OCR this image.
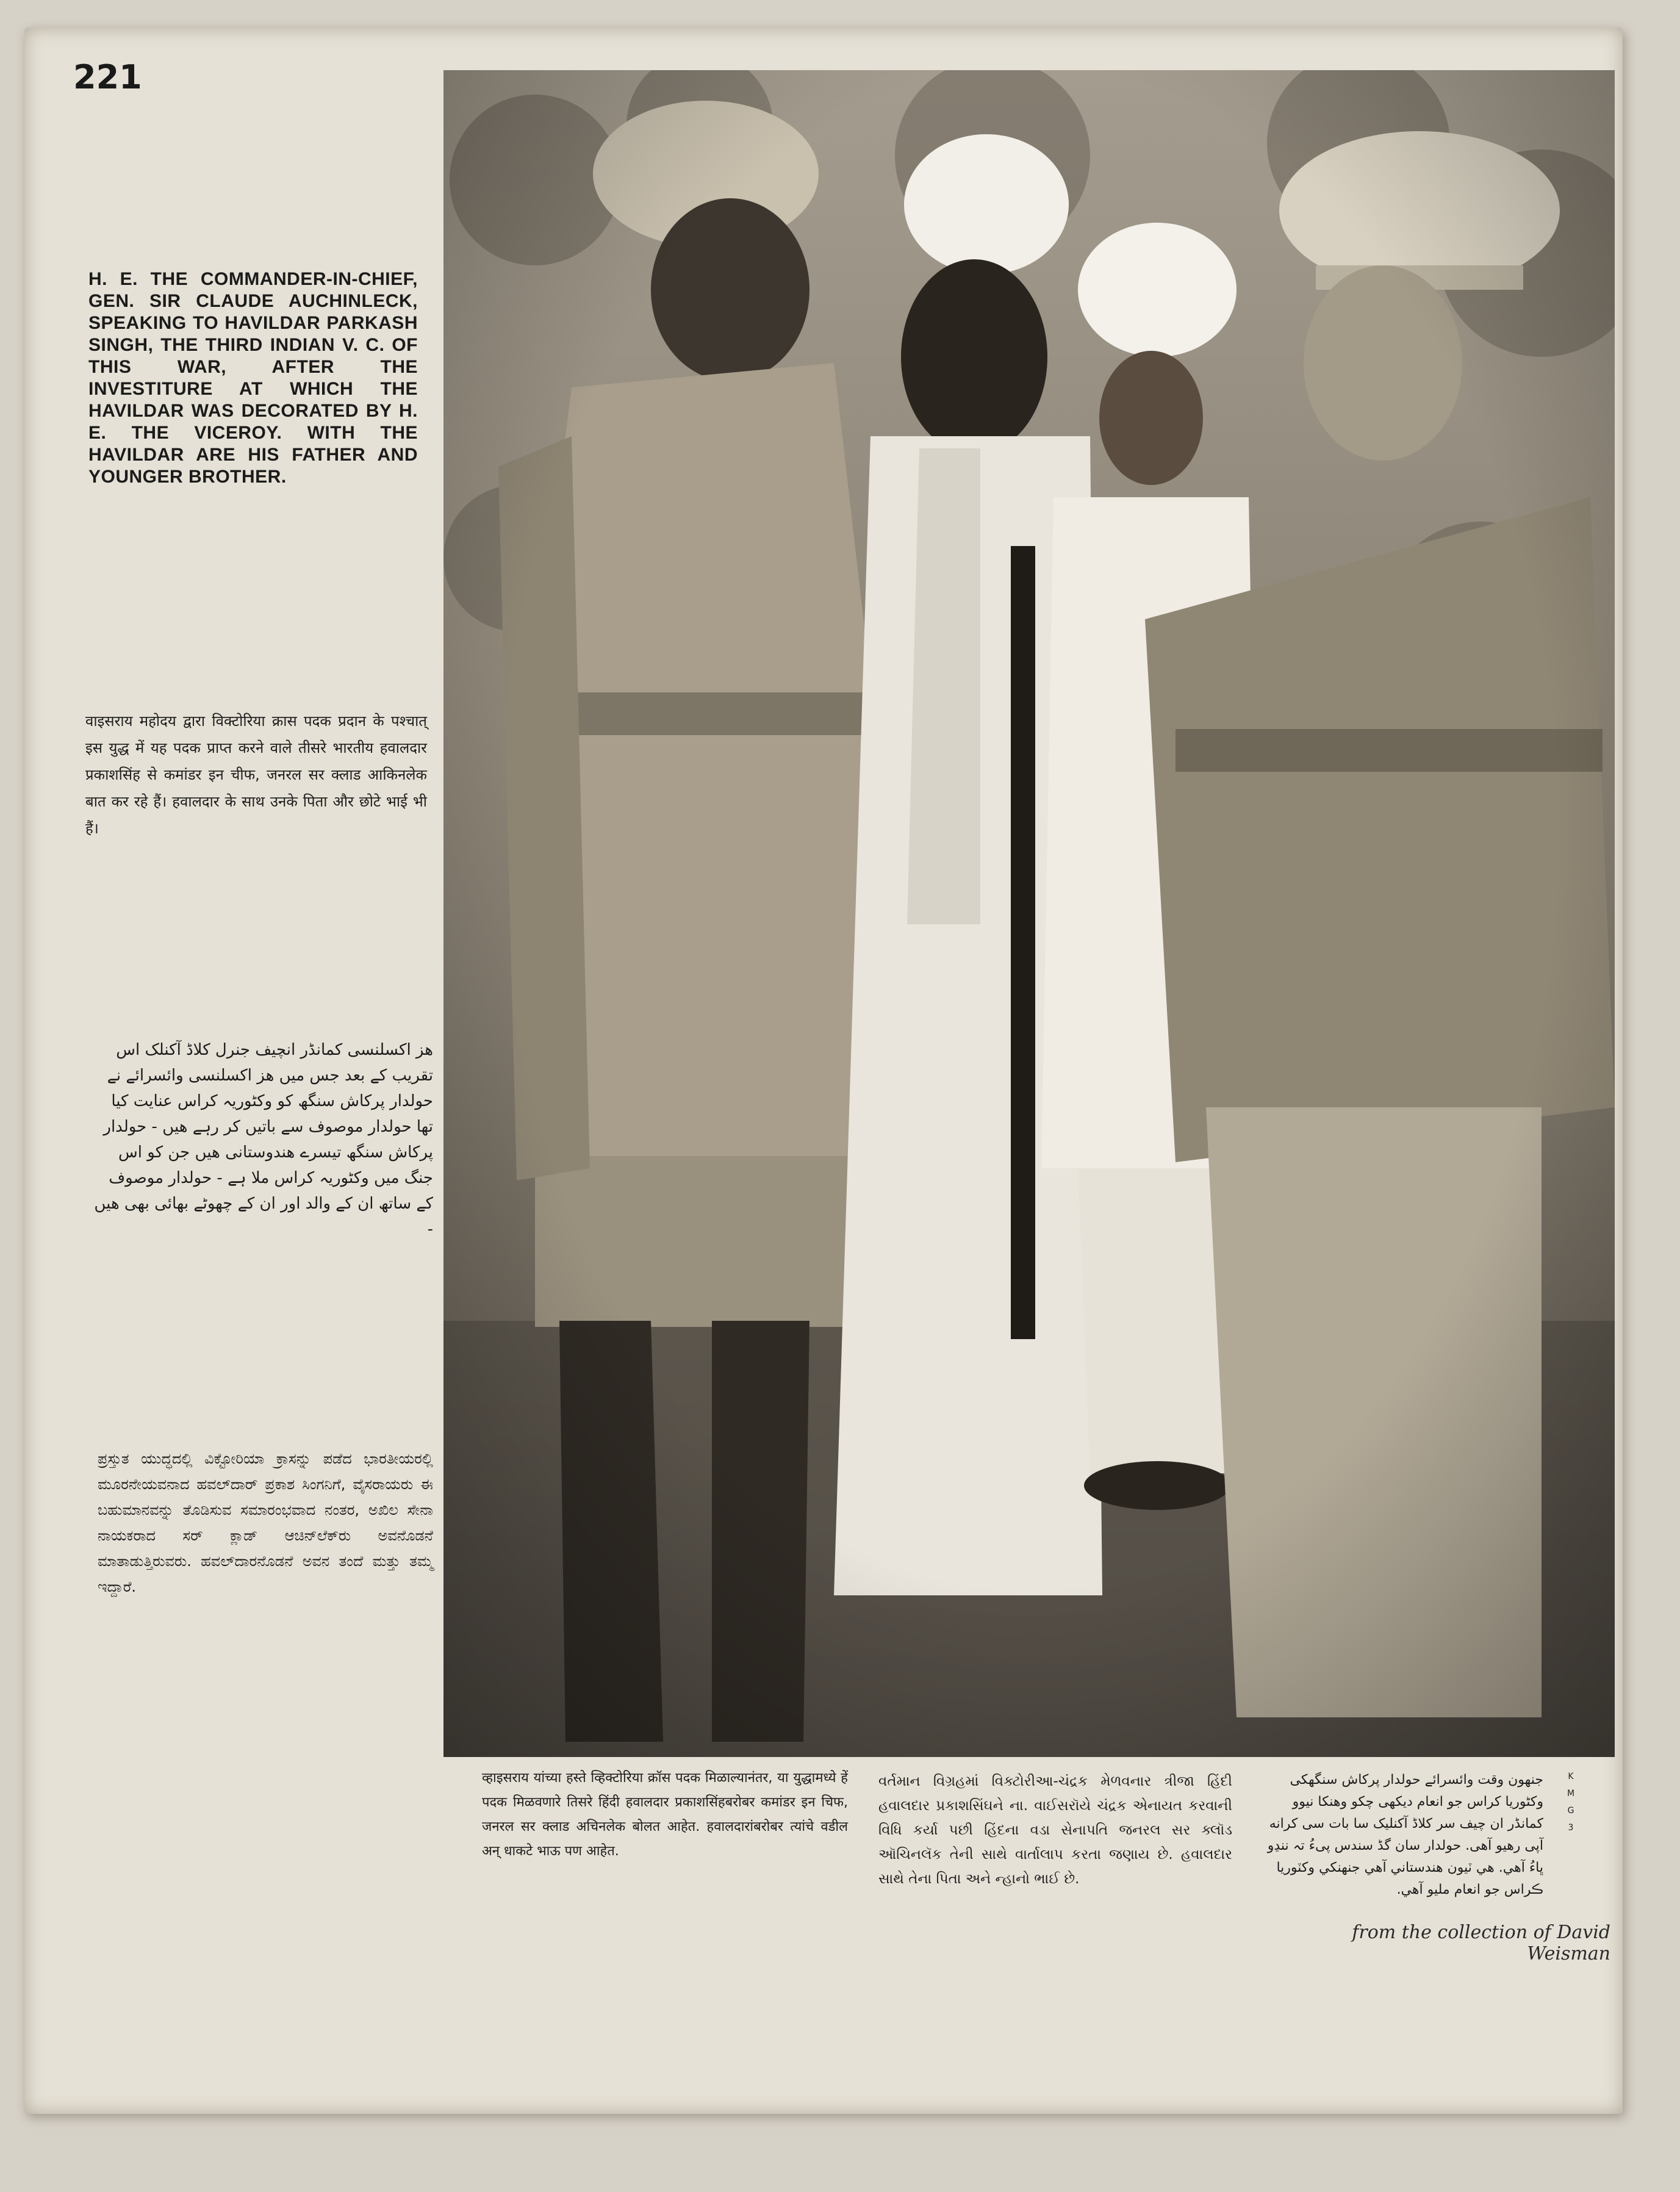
221
H. E. THE COMMANDER-IN-CHIEF, GEN. SIR CLAUDE AUCHINLECK, SPEAKING TO HAVILDAR PARKASH SINGH, THE THIRD INDIAN V. C. OF THIS WAR, AFTER THE INVESTITURE AT WHICH THE HAVILDAR WAS DECORATED BY H. E. THE VICEROY. WITH THE HAVILDAR ARE HIS FATHER AND YOUNGER BROTHER.
वाइसराय महोदय द्वारा विक्टोरिया क्रास पदक प्रदान के पश्चात् इस युद्ध में यह पदक प्राप्त करने वाले तीसरे भारतीय हवालदार प्रकाशसिंह से कमांडर इन चीफ, जनरल सर क्लाड आकिनलेक बात कर रहे हैं। हवालदार के साथ उनके पिता और छोटे भाई भी हैं।
هز اکسلنسی کمانڈر انچیف جنرل کلاڈ آکنلک اس تقریب کے بعد جس میں هز اکسلنسی وائسرائے نے حولدار پرکاش سنگھ کو وکٹوریہ کراس عنایت کیا تھا حولدار موصوف سے باتیں کر رہے ھیں - حولدار پرکاش سنگھ تیسرے ھندوستانی ھیں جن کو اس جنگ میں وکٹوریہ کراس ملا ہے - حولدار موصوف کے ساتھ ان کے والد اور ان کے چھوٹے بھائی بھی ھیں -
ಪ್ರಸ್ತುತ ಯುದ್ಧದಲ್ಲಿ ವಿಕ್ಟೋರಿಯಾ ಕ್ರಾಸನ್ನು ಪಡೆದ ಭಾರತೀಯರಲ್ಲಿ ಮೂರನೇಯವನಾದ ಹವಲ್‌ದಾರ್ ಪ್ರಕಾಶ ಸಿಂಗನಿಗೆ, ವೈಸರಾಯರು ಈ ಬಹುಮಾನವನ್ನು ತೊಡಿಸುವ ಸಮಾರಂಭವಾದ ನಂತರ, ಅಖಿಲ ಸೇನಾ ನಾಯಕರಾದ ಸರ್ ಕ್ಲಾಡ್ ಆಚಿನ್‌ಲೆಕ್‌ರು ಅವನೊಡನೆ ಮಾತಾಡುತ್ತಿರುವರು. ಹವಲ್‌ದಾರನೊಡನೆ ಅವನ ತಂದೆ ಮತ್ತು ತಮ್ಮ ಇದ್ದಾರೆ.
व्हाइसराय यांच्या हस्ते व्हिक्टोरिया क्रॉस पदक मिळाल्यानंतर, या युद्धामध्ये हें पदक मिळवणारे तिसरे हिंदी हवालदार प्रकाशसिंहबरोबर कमांडर इन चिफ, जनरल सर क्लाड अचिनलेक बोलत आहेत. हवालदारांबरोबर त्यांचे वडील अन् धाकटे भाऊ पण आहेत.
વર્તમાન વિગ્રહમાં વિક્ટોરીઆ-ચંદ્રક મેળવનાર ત્રીજા હિંદી હવાલદાર પ્રકાશસિંઘને ના. વાઈસરૉયે ચંદ્રક એનાયત કરવાની વિધિ કર્યા પછી હિંદના વડા સેનાપતિ જનરલ સર ક્લૉડ ઑચિનલૅક તેની સાથે વાર્તાલાપ કરતા જણાય છે. હવાલદાર સાથે તેના પિતા અને ન્હાનો ભાઈ છે.
جنهون وقت وائسرائے حولدار پرکاش سنگهکی وکٹوریا کراس جو انعام دیکھی چکو وهنکا نیوو کمانڈر ان چیف سر کلاڈ آکنلیک سا بات سی کرانه آپی رهیو آهی. حولدار سان گڈ سندس پیءُ تہ ننڍو ڀاءُ آهي. هي ٽيون هندستاني آهي جنهنکي وکٽوريا ڪراس جو انعام مليو آهي.
K
M
G
3
from the collection of David Weisman
